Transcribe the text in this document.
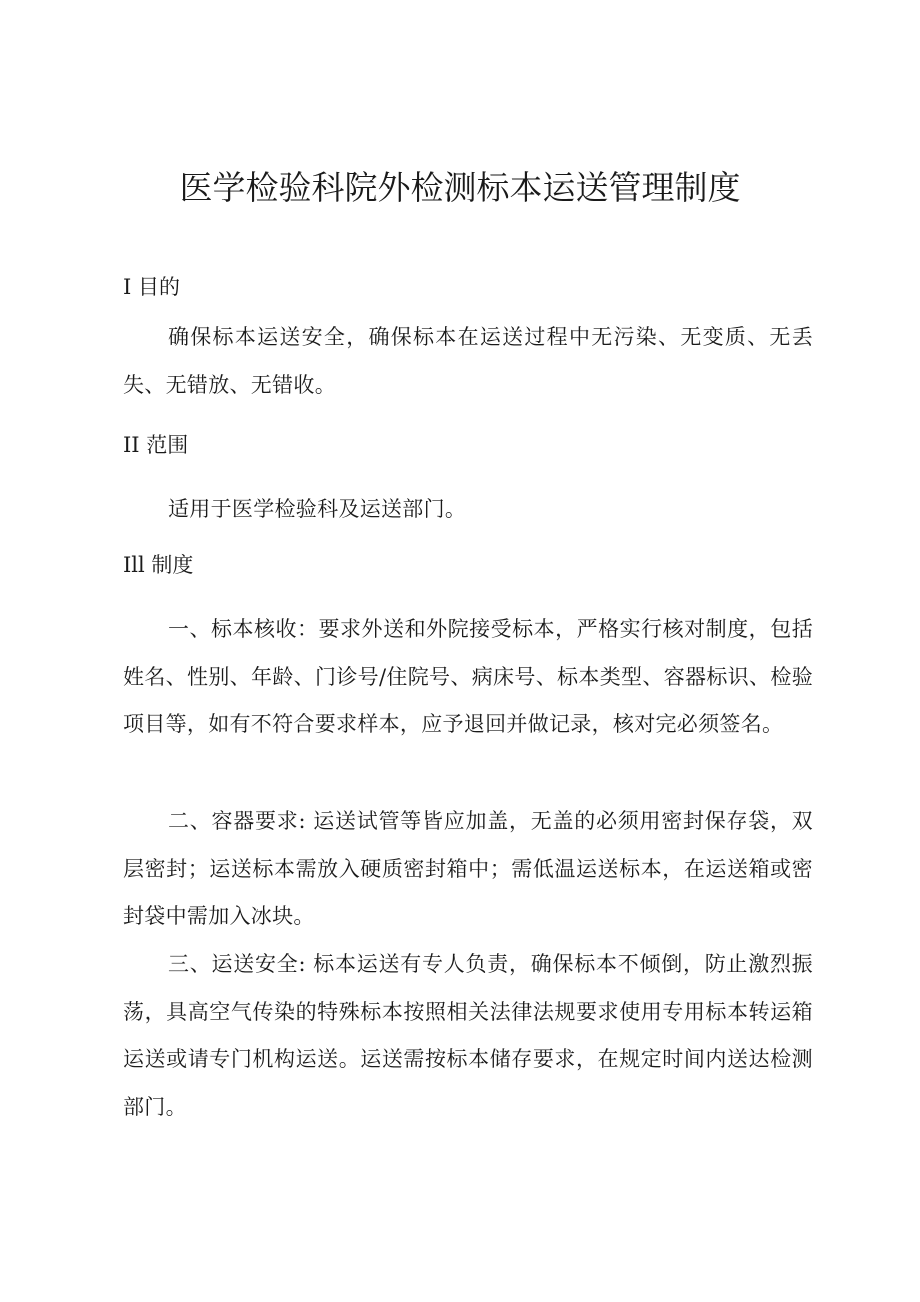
医学检验科院外检测标本运送管理制度
I 目的

确保标本运送安全，确保标本在运送过程中无污染、无变质、无丢失、无错放、无错收。

II 范围

适用于医学检验科及运送部门。

Ill 制度

一、标本核收：要求外送和外院接受标本，严格实行核对制度，包括姓名、性别、年龄、门诊号/住院号、病床号、标本类型、容器标识、检验项目等，如有不符合要求样本，应予退回并做记录，核对完必须签名。

二、容器要求: 运送试管等皆应加盖，无盖的必须用密封保存袋，双层密封；运送标本需放入硬质密封箱中；需低温运送标本，在运送箱或密封袋中需加入冰块。

三、运送安全: 标本运送有专人负责，确保标本不倾倒，防止激烈振荡，具高空气传染的特殊标本按照相关法律法规要求使用专用标本转运箱运送或请专门机构运送。运送需按标本储存要求，在规定时间内送达检测部门。
